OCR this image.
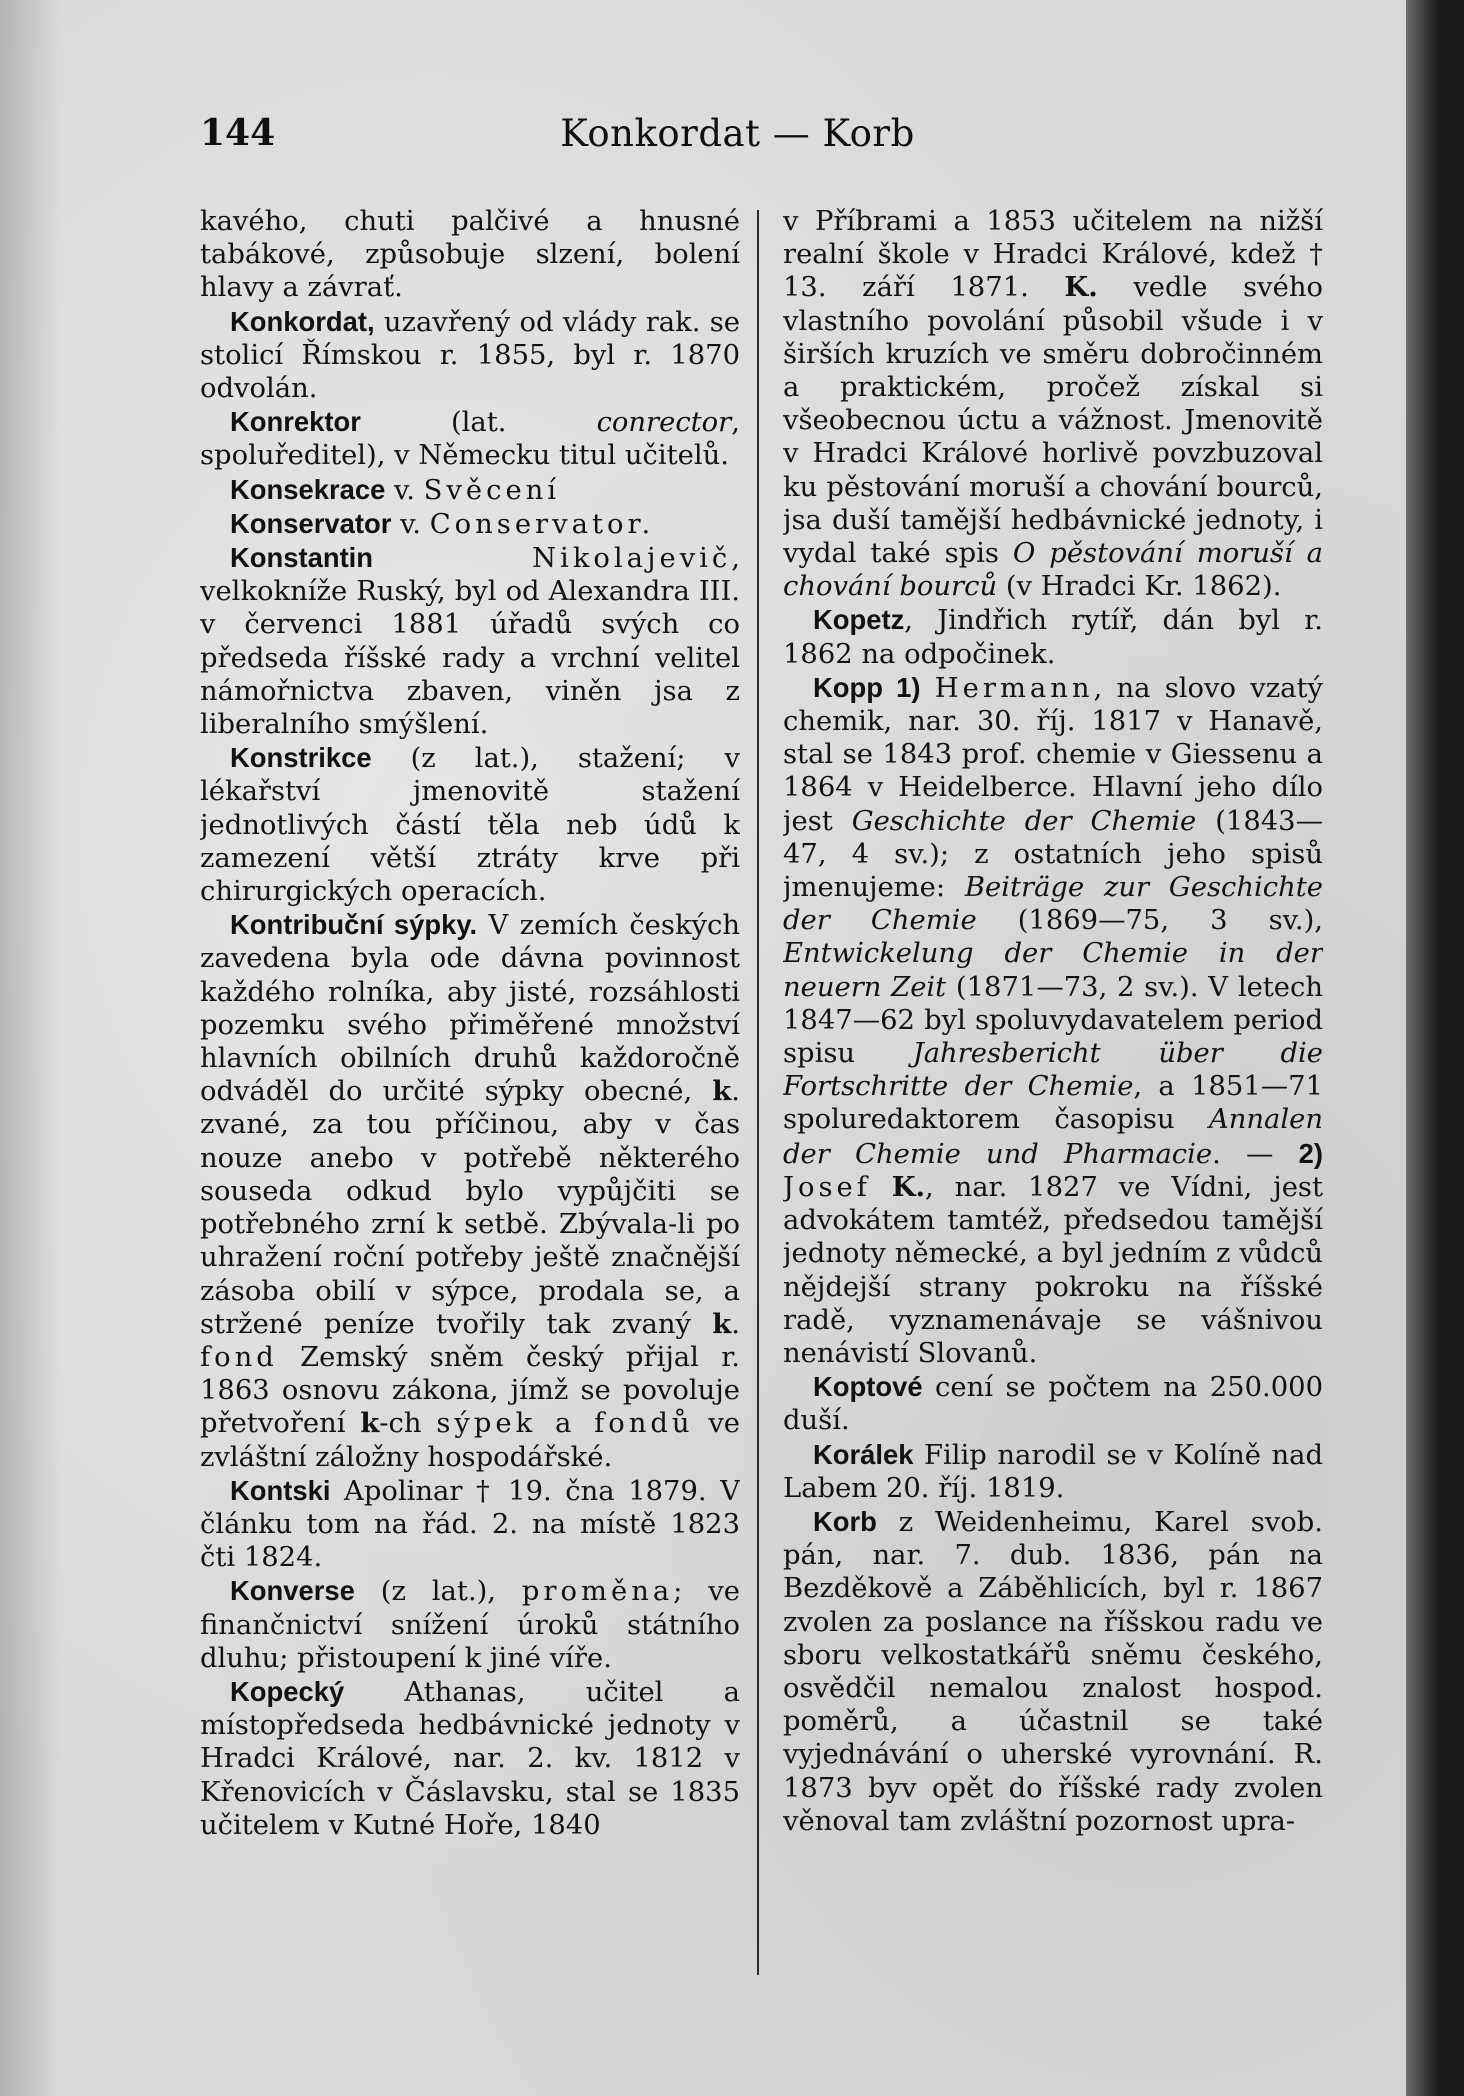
144	Konkordat — Korb

kavého, chuti palčivé a hnusné tabákové, způsobuje slzení, bolení hlavy a závrať.

Konkordat, uzavřený od vlády rak. se stolicí Římskou r. 1855, byl r. 1870 odvolán.

Konrektor (lat. conrector, spoluředitel), v Německu titul učitelů.

Konsekrace v. Svěcení

Konservator v. Conservator.

Konstantin	Nikolajevič, velkokníže Ruský, byl od Alexandra III. v červenci 1881 úřadů svých co předseda říšské rady a vrchní velitel námořnictva zbaven, viněn jsa z liberalního smýšlení.

Konstrikce (z lat.), stažení; v lékařství jmenovitě stažení jednotlivých částí těla neb údů k zamezení větší ztráty krve při chirurgických operacích.

Kontribuční sýpky. V zemích českých zavedena byla ode dávna povinnost každého rolníka, aby jisté, rozsáhlosti pozemku svého přiměřené množství hlavních obilních druhů každoročně odváděl do určité sýpky obecné, k. zvané, za tou příčinou, aby v čas nouze anebo v potřebě některého souseda odkud bylo vypůjčiti se potřebného zrní k setbě. Zbývala-li po uhražení roční potřeby ještě značnější zásoba obilí v sýpce, prodala se, a stržené peníze tvořily tak zvaný k. fond Zemský sněm český přijal r. 1863 osnovu zákona, jímž se povoluje přetvoření k-ch sýpek a fondů ve zvláštní záložny hospodářské.

Kontski Apolinar † 19. čna 1879. V článku tom na řád. 2. na místě 1823 čti 1824.

Konverse (z lat.), proměna; ve finančnictví snížení úroků státního dluhu; přistoupení k jiné víře.

Kopecký Athanas, učitel a místopředseda hedbávnické jednoty v Hradci Králové, nar. 2. kv. 1812 v Křenovicích v Čáslavsku, stal se 1835 učitelem v Kutné Hoře, 1840

v Příbrami a 1853 učitelem na nižší realní škole v Hradci Králové, kdež † 13. září 1871. K. vedle svého vlastního povolání působil všude i v širších kruzích ve směru dobročinném a praktickém, pročež získal si všeobecnou úctu a vážnost. Jmenovitě v Hradci Králové horlivě povzbuzoval ku pěstování moruší a chování bourců, jsa duší tamější hedbávnické jednoty, i vydal také spis O pěstování moruší a chování bourců (v Hradci Kr. 1862).

Kopetz, Jindřich rytíř, dán byl r. 1862 na odpočinek.

Kopp 1) Hermann, na slovo vzatý chemik, nar. 30. říj. 1817 v Hanavě, stal se 1843 prof. chemie v Giessenu a 1864 v Heidelberce. Hlavní jeho dílo jest Geschichte der Chemie (1843—47, 4 sv.); z ostatních jeho spisů jmenujeme: Beiträge zur Geschichte der Chemie (1869—75, 3 sv.), Entwickelung der Chemie in der neuern Zeit (1871—73, 2 sv.). V letech 1847—62 byl spoluvydavatelem period spisu Jahresbericht über die Fortschritte der Chemie, a 1851—71 spoluredaktorem časopisu Annalen der Chemie und Pharmacie. — 2) Josef K., nar. 1827 ve Vídni, jest advokátem tamtéž, předsedou tamější jednoty německé, a byl jedním z vůdců nějdejší strany pokroku na říšské radě, vyznamenávaje se vášnivou nenávistí Slovanů.

Koptové cení se počtem na 250.000 duší.

Korálek Filip narodil se v Kolíně nad Labem 20. říj. 1819.

Korb z Weidenheimu, Karel svob. pán, nar. 7. dub. 1836, pán na Bezděkově a Záběhlicích, byl r. 1867 zvolen za poslance na říšskou radu ve sboru velkostatkářů sněmu českého, osvědčil nemalou znalost hospod. poměrů, a účastnil se také vyjednávání o uherské vyrovnání. R. 1873 byv opět do říšské rady zvolen věnoval tam zvláštní pozornost upra-
